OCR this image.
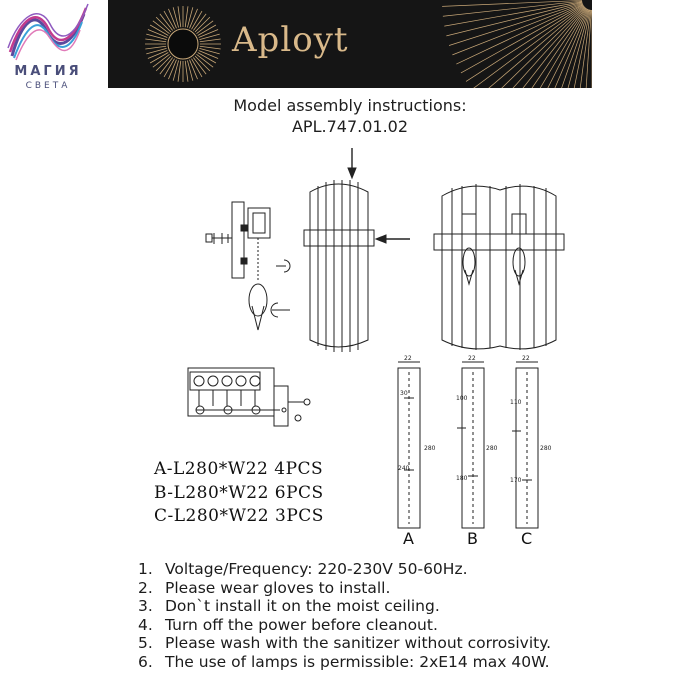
МАГИЯ
СВЕТА
Aployt
Model assembly instructions:
APL.747.01.02
22
30
280
240
22
100
280
180
22
110
280
170
A	B	C
A-L280*W22 4PCS
B-L280*W22 6PCS
C-L280*W22 3PCS
1. Voltage/Frequency: 220-230V 50-60Hz.
2. Please wear gloves to install.
3. Don`t install it on the moist ceiling.
4. Turn off the power before cleanout.
5. Please wash with the sanitizer without corrosivity.
6. The use of lamps is permissible: 2xE14 max 40W.
